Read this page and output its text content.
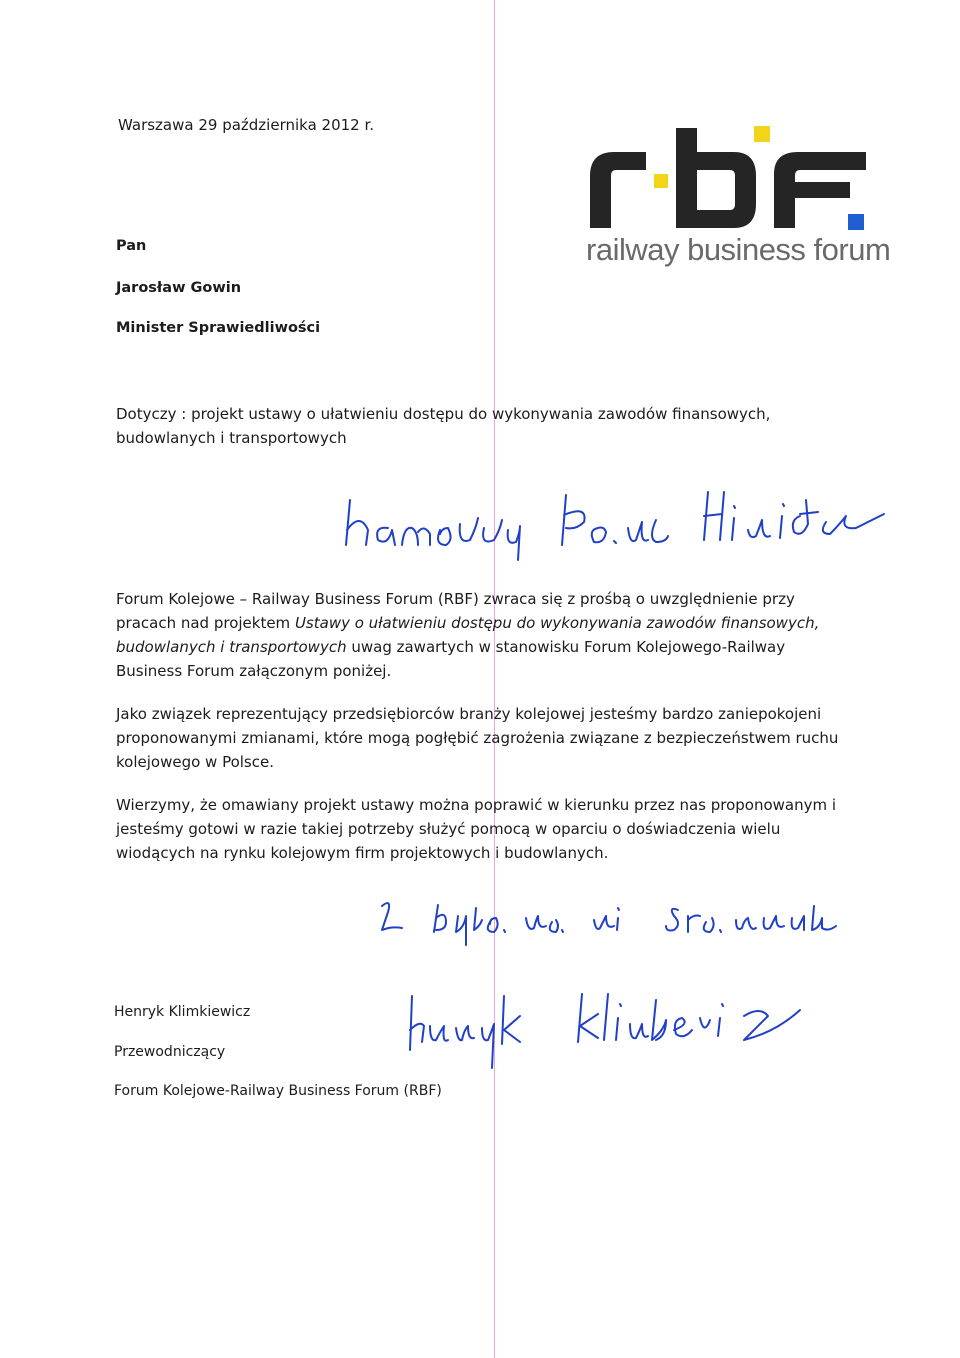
Warszawa 29 października 2012 r.
railway business forum
Pan
Jarosław Gowin
Minister Sprawiedliwości
Dotyczy : projekt ustawy o ułatwieniu dostępu do wykonywania zawodów finansowych,
budowlanych i transportowych
Forum Kolejowe – Railway Business Forum (RBF) zwraca się z prośbą o uwzględnienie przy pracach nad projektem Ustawy o ułatwieniu dostępu do wykonywania zawodów finansowych, budowlanych i transportowych uwag zawartych w stanowisku Forum Kolejowego-Railway Business Forum załączonym poniżej.
Jako związek reprezentujący przedsiębiorców branży kolejowej jesteśmy bardzo zaniepokojeni proponowanymi zmianami, które mogą pogłębić zagrożenia związane z bezpieczeństwem ruchu kolejowego w Polsce.
Wierzymy, że omawiany projekt ustawy można poprawić w kierunku przez nas proponowanym i jesteśmy gotowi w razie takiej potrzeby służyć pomocą w oparciu o doświadczenia wielu wiodących na rynku kolejowym firm projektowych i budowlanych.
Henryk Klimkiewicz
Przewodniczący
Forum Kolejowe-Railway Business Forum (RBF)
